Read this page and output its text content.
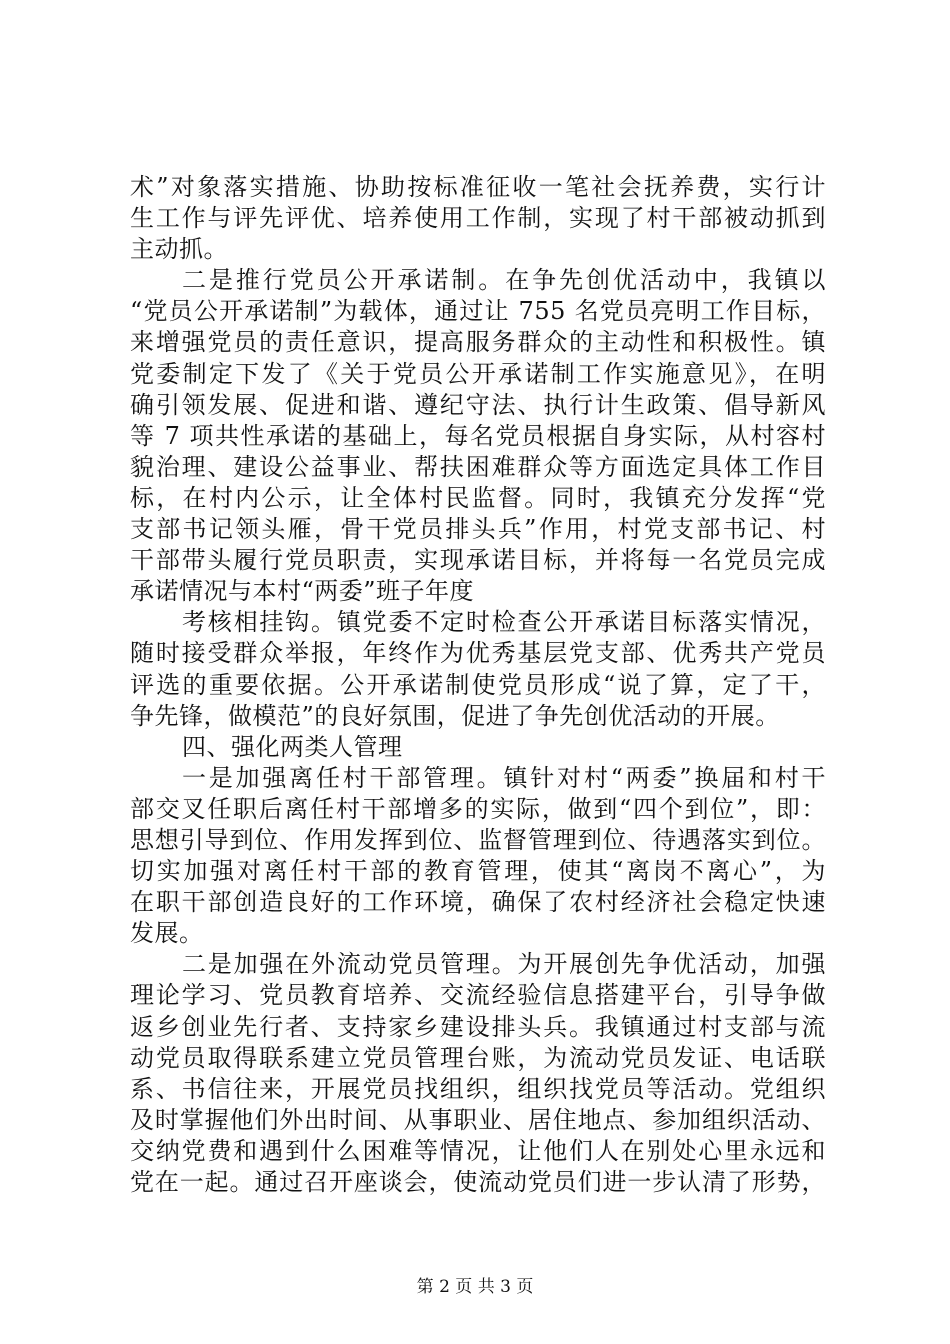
术”对象落实措施、协助按标准征收一笔社会抚养费，实行计
生工作与评先评优、培养使用工作制，实现了村干部被动抓到
主动抓。
二是推行党员公开承诺制。在争先创优活动中，我镇以
“党员公开承诺制”为载体，通过让 755 名党员亮明工作目标，
来增强党员的责任意识，提高服务群众的主动性和积极性。镇
党委制定下发了《关于党员公开承诺制工作实施意见》，在明
确引领发展、促进和谐、遵纪守法、执行计生政策、倡导新风
等 7 项共性承诺的基础上，每名党员根据自身实际，从村容村
貌治理、建设公益事业、帮扶困难群众等方面选定具体工作目
标，在村内公示，让全体村民监督。同时，我镇充分发挥“党
支部书记领头雁，骨干党员排头兵”作用，村党支部书记、村
干部带头履行党员职责，实现承诺目标，并将每一名党员完成
承诺情况与本村“两委”班子年度
考核相挂钩。镇党委不定时检查公开承诺目标落实情况，
随时接受群众举报，年终作为优秀基层党支部、优秀共产党员
评选的重要依据。公开承诺制使党员形成“说了算，定了干，
争先锋，做模范”的良好氛围，促进了争先创优活动的开展。
四、强化两类人管理
一是加强离任村干部管理。镇针对村“两委”换届和村干
部交叉任职后离任村干部增多的实际，做到“四个到位”，即：
思想引导到位、作用发挥到位、监督管理到位、待遇落实到位。
切实加强对离任村干部的教育管理，使其“离岗不离心”，为
在职干部创造良好的工作环境，确保了农村经济社会稳定快速
发展。
二是加强在外流动党员管理。为开展创先争优活动，加强
理论学习、党员教育培养、交流经验信息搭建平台，引导争做
返乡创业先行者、支持家乡建设排头兵。我镇通过村支部与流
动党员取得联系建立党员管理台账，为流动党员发证、电话联
系、书信往来，开展党员找组织，组织找党员等活动。党组织
及时掌握他们外出时间、从事职业、居住地点、参加组织活动、
交纳党费和遇到什么困难等情况，让他们人在别处心里永远和
党在一起。通过召开座谈会，使流动党员们进一步认清了形势，
第 2 页 共 3 页
